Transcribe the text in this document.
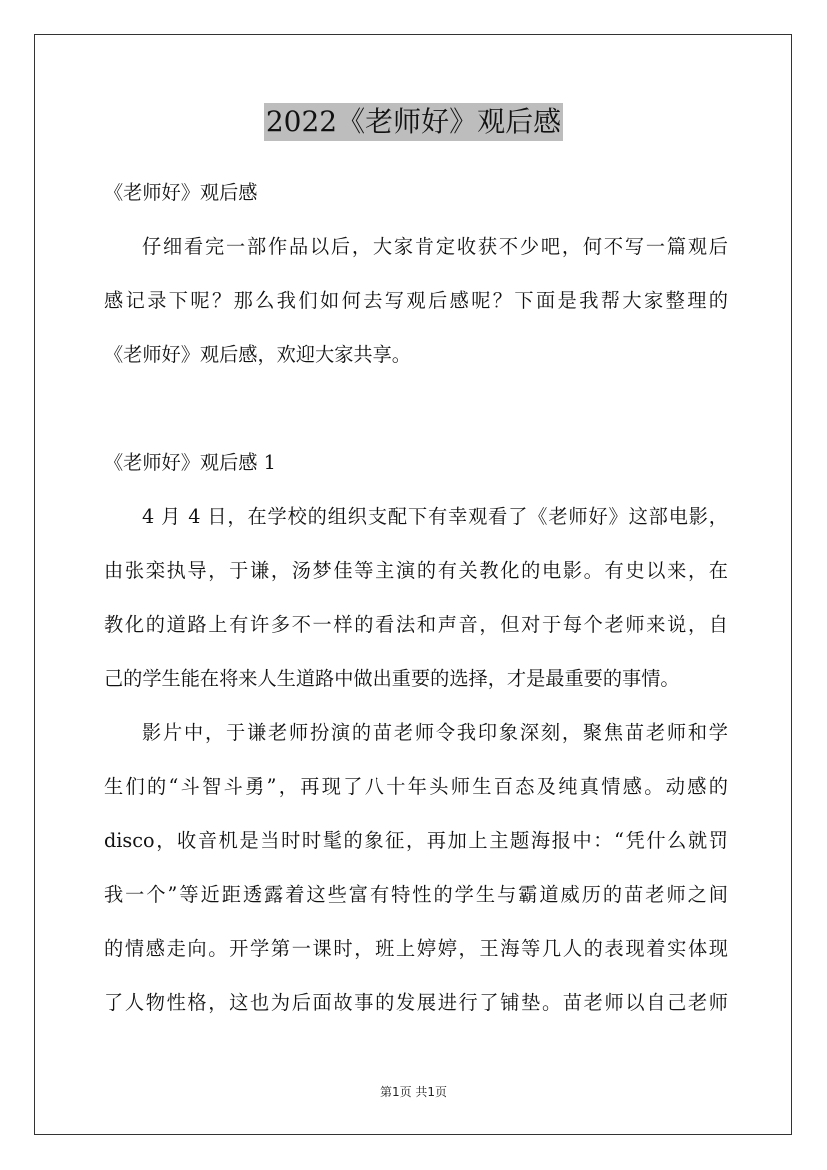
2022《老师好》观后感
《老师好》观后感
仔细看完一部作品以后，大家肯定收获不少吧，何不写一篇观后
感记录下呢？那么我们如何去写观后感呢？下面是我帮大家整理的
《老师好》观后感，欢迎大家共享。
《老师好》观后感 1
4 月 4 日，在学校的组织支配下有幸观看了《老师好》这部电影，
由张栾执导，于谦，汤梦佳等主演的有关教化的电影。有史以来，在
教化的道路上有许多不一样的看法和声音，但对于每个老师来说，自
己的学生能在将来人生道路中做出重要的选择，才是最重要的事情。
影片中，于谦老师扮演的苗老师令我印象深刻，聚焦苗老师和学
生们的“斗智斗勇”，再现了八十年头师生百态及纯真情感。动感的
disco，收音机是当时时髦的象征，再加上主题海报中：“凭什么就罚
我一个”等近距透露着这些富有特性的学生与霸道威历的苗老师之间
的情感走向。开学第一课时，班上婷婷，王海等几人的表现着实体现
了人物性格，这也为后面故事的发展进行了铺垫。苗老师以自己老师
第1页 共1页
